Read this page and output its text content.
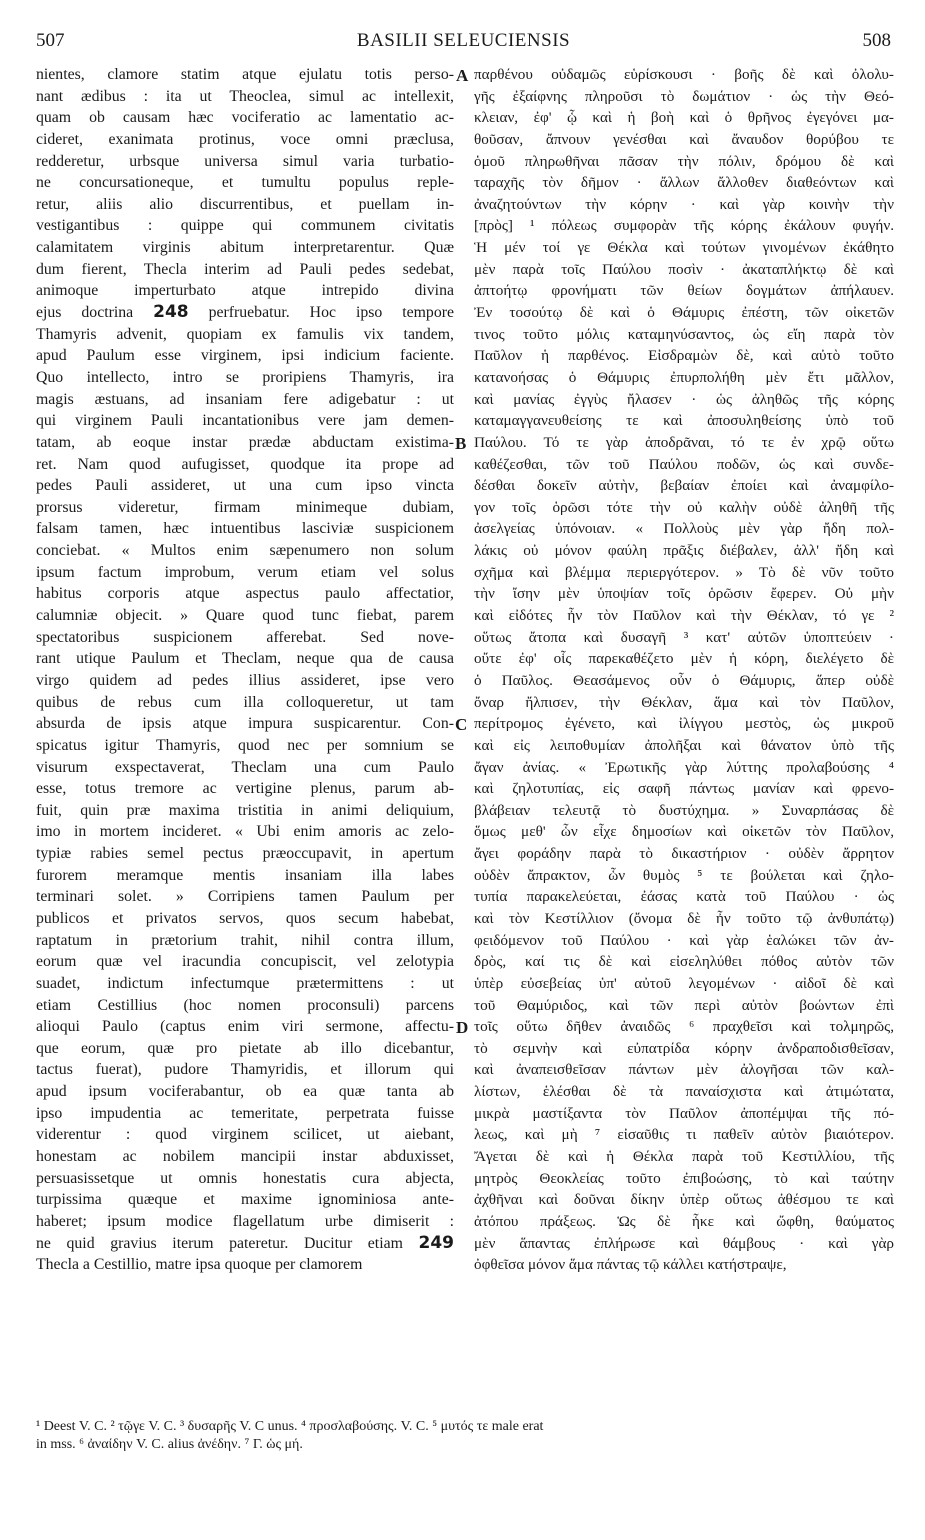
507	BASILII SELEUCIENSIS	508
nientes, clamore statim atque ejulatu totis perso-
nant ædibus : ita ut Theoclea, simul ac intellexit,
quam ob causam hæc vociferatio ac lamentatio ac-
cideret, exanimata protinus, voce omni præclusa,
redderetur, urbsque universa simul varia turbatio-
ne concursationeque, et tumultu populus reple-
retur, aliis alio discurrentibus, et puellam in-
vestigantibus : quippe qui communem civitatis
calamitatem virginis abitum interpretarentur. Quæ
dum fierent, Thecla interim ad Pauli pedes sedebat,
animoque imperturbato atque intrepido divina
ejus doctrina 248 perfruebatur. Hoc ipso tempore
Thamyris advenit, quopiam ex famulis vix tandem,
apud Paulum esse virginem, ipsi indicium faciente.
Quo intellecto, intro se proripiens Thamyris, ira
magis æstuans, ad insaniam fere adigebatur : ut
qui virginem Pauli incantationibus vere jam demen-
tatam, ab eoque instar prædæ abductam existima-
ret. Nam quod aufugisset, quodque ita prope ad
pedes Pauli assideret, ut una cum ipso vincta
prorsus videretur, firmam minimeque dubiam,
falsam tamen, hæc intuentibus lasciviæ suspicionem
conciebat. « Multos enim sæpenumero non solum
ipsum factum improbum, verum etiam vel solus
habitus corporis atque aspectus paulo affectatior,
calumniæ objecit. » Quare quod tunc fiebat, parem
spectatoribus suspicionem afferebat. Sed nove-
rant utique Paulum et Theclam, neque qua de causa
virgo quidem ad pedes illius assideret, ipse vero
quibus de rebus cum illa colloqueretur, ut tam
absurda de ipsis atque impura suspicarentur. Con-
spicatus igitur Thamyris, quod nec per somnium se
visurum exspectaverat, Theclam una cum Paulo
esse, totus tremore ac vertigine plenus, parum ab-
fuit, quin præ maxima tristitia in animi deliquium,
imo in mortem incideret. « Ubi enim amoris ac zelo-
typiæ rabies semel pectus præoccupavit, in apertum
furorem meramque mentis insaniam illa labes
terminari solet. » Corripiens tamen Paulum per
publicos et privatos servos, quos secum habebat,
raptatum in prætorium trahit, nihil contra illum,
eorum quæ vel iracundia concupiscit, vel zelotypia
suadet, indictum infectumque prætermittens : ut
etiam Cestillius (hoc nomen proconsuli) parcens
alioqui Paulo (captus enim viri sermone, affectu-
que eorum, quæ pro pietate ab illo dicebantur,
tactus fuerat), pudore Thamyridis, et illorum qui
apud ipsum vociferabantur, ob ea quæ tanta ab
ipso impudentia ac temeritate, perpetrata fuisse
viderentur : quod virginem scilicet, ut aiebant,
honestam ac nobilem mancipii instar abduxisset,
persuasissetque ut omnis honestatis cura abjecta,
turpissima quæque et maxime ignominiosa ante-
haberet; ipsum modice flagellatum urbe dimiserit :
ne quid gravius iterum pateretur. Ducitur etiam 249
Thecla a Cestillio, matre ipsa quoque per clamorem
παρθένου οὐδαμῶς εὑρίσκουσι · βοῆς δὲ καὶ ὀλολυ-
γῆς ἐξαίφνης πληροῦσι τὸ δωμάτιον · ὡς τὴν Θεό-
κλειαν, ἐφ' ᾧ καὶ ἡ βοὴ καὶ ὁ θρῆνος ἐγεγόνει μα-
θοῦσαν, ἄπνουν γενέσθαι καὶ ἄναυδον θορύβου τε
ὁμοῦ πληρωθῆναι πᾶσαν τὴν πόλιν, δρόμου δὲ καὶ
ταραχῆς τὸν δῆμον · ἄλλων ἄλλοθεν διαθεόντων καὶ
ἀναζητούντων τὴν κόρην · καὶ γὰρ κοινὴν τὴν
[πρὸς] ¹ πόλεως συμφορὰν τῆς κόρης ἐκάλουν φυγήν.
Ἡ μέν τοί γε Θέκλα καὶ τούτων γινομένων ἐκάθητο
μὲν παρὰ τοῖς Παύλου ποσὶν · ἀκαταπλήκτῳ δὲ καὶ
ἀπτοήτῳ φρονήματι τῶν θείων δογμάτων ἀπήλαυεν.
Ἐν τοσούτῳ δὲ καὶ ὁ Θάμυρις ἐπέστη, τῶν οἰκετῶν
τινος τοῦτο μόλις καταμηνύσαντος, ὡς εἴη παρὰ τὸν
Παῦλον ἡ παρθένος. Εἰσδραμὼν δὲ, καὶ αὐτὸ τοῦτο
κατανοήσας ὁ Θάμυρις ἐπυρπολήθη μὲν ἔτι μᾶλλον,
καὶ μανίας ἐγγὺς ἤλασεν · ὡς ἀληθῶς τῆς κόρης
καταμαγγανευθείσης τε καὶ ἀποσυληθείσης ὑπὸ τοῦ
Παύλου. Τό τε γὰρ ἀποδρᾶναι, τό τε ἐν χρῷ οὕτω
καθέζεσθαι, τῶν τοῦ Παύλου ποδῶν, ὡς καὶ συνδε-
δέσθαι δοκεῖν αὐτὴν, βεβαίαν ἐποίει καὶ ἀναμφίλο-
γον τοῖς ὁρῶσι τότε τὴν οὐ καλὴν οὐδὲ ἀληθῆ τῆς
ἀσελγείας ὑπόνοιαν. « Πολλοὺς μὲν γὰρ ἤδη πολ-
λάκις οὐ μόνον φαύλη πρᾶξις διέβαλεν, ἀλλ' ἤδη καὶ
σχῆμα καὶ βλέμμα περιεργότερον. » Τὸ δὲ νῦν τοῦτο
τὴν ἴσην μὲν ὑποψίαν τοῖς ὁρῶσιν ἔφερεν. Οὐ μὴν
καὶ εἰδότες ἦν τὸν Παῦλον καὶ τὴν Θέκλαν, τό γε ²
οὕτως ἄτοπα καὶ δυσαγῆ ³ κατ' αὐτῶν ὑποπτεύειν ·
οὔτε ἐφ' οἷς παρεκαθέζετο μὲν ἡ κόρη, διελέγετο δὲ
ὁ Παῦλος. Θεασάμενος οὖν ὁ Θάμυρις, ἅπερ οὐδὲ
ὄναρ ἤλπισεν, τὴν Θέκλαν, ἅμα καὶ τὸν Παῦλον,
περίτρομος ἐγένετο, καὶ ἰλίγγου μεστὸς, ὡς μικροῦ
καὶ εἰς λειποθυμίαν ἀπολῆξαι καὶ θάνατον ὑπὸ τῆς
ἄγαν ἀνίας. « Ἐρωτικῆς γὰρ λύττης προλαβούσης ⁴
καὶ ζηλοτυπίας, εἰς σαφῆ πάντως μανίαν καὶ φρενο-
βλάβειαν τελευτᾷ τὸ δυστύχημα. » Συναρπάσας δὲ
ὅμως μεθ' ὧν εἶχε δημοσίων καὶ οἰκετῶν τὸν Παῦλον,
ἄγει φοράδην παρὰ τὸ δικαστήριον · οὐδὲν ἄρρητον
οὐδὲν ἄπρακτον, ὧν θυμὸς ⁵ τε βούλεται καὶ ζηλο-
τυπία παρακελεύεται, ἐάσας κατὰ τοῦ Παύλου · ὡς
καὶ τὸν Κεστίλλιον (ὄνομα δὲ ἦν τοῦτο τῷ ἀνθυπάτῳ)
φειδόμενον τοῦ Παύλου · καὶ γὰρ ἑαλώκει τῶν ἀν-
δρὸς, καί τις δὲ καὶ εἰσεληλύθει πόθος αὐτὸν τῶν
ὑπὲρ εὐσεβείας ὑπ' αὐτοῦ λεγομένων · αἰδοῖ δὲ καὶ
τοῦ Θαμύριδος, καὶ τῶν περὶ αὐτὸν βοώντων ἐπὶ
τοῖς οὕτω δῆθεν ἀναιδῶς ⁶ πραχθεῖσι καὶ τολμηρῶς,
τὸ σεμνὴν καὶ εὐπατρίδα κόρην ἀνδραποδισθεῖσαν,
καὶ ἀναπεισθεῖσαν πάντων μὲν ἀλογῆσαι τῶν καλ-
λίστων, ἑλέσθαι δὲ τὰ παναίσχιστα καὶ ἀτιμώτατα,
μικρὰ μαστίξαντα τὸν Παῦλον ἀποπέμψαι τῆς πό-
λεως, καὶ μὴ ⁷ εἰσαῦθις τι παθεῖν αὐτὸν βιαιότερον.
Ἄγεται δὲ καὶ ἡ Θέκλα παρὰ τοῦ Κεστιλλίου, τῆς
μητρὸς Θεοκλείας τοῦτο ἐπιβοώσης, τὸ καὶ ταύτην
ἀχθῆναι καὶ δοῦναι δίκην ὑπὲρ οὕτως ἀθέσμου τε καὶ
ἀτόπου πράξεως. Ὡς δὲ ἧκε καὶ ὤφθη, θαύματος
μὲν ἅπαντας ἐπλήρωσε καὶ θάμβους · καὶ γὰρ
ὀφθεῖσα μόνον ἅμα πάντας τῷ κάλλει κατήστραψε,
A
B
C
D
¹ Deest V. C. ² τῷγε V. C. ³ δυσαρῆς V. C unus. ⁴ προσλαβούσης. V. C. ⁵ μυτός τε male erat
in mss. ⁶ ἀναίδην V. C. alius ἀνέδην. ⁷ Γ. ὡς μή.
